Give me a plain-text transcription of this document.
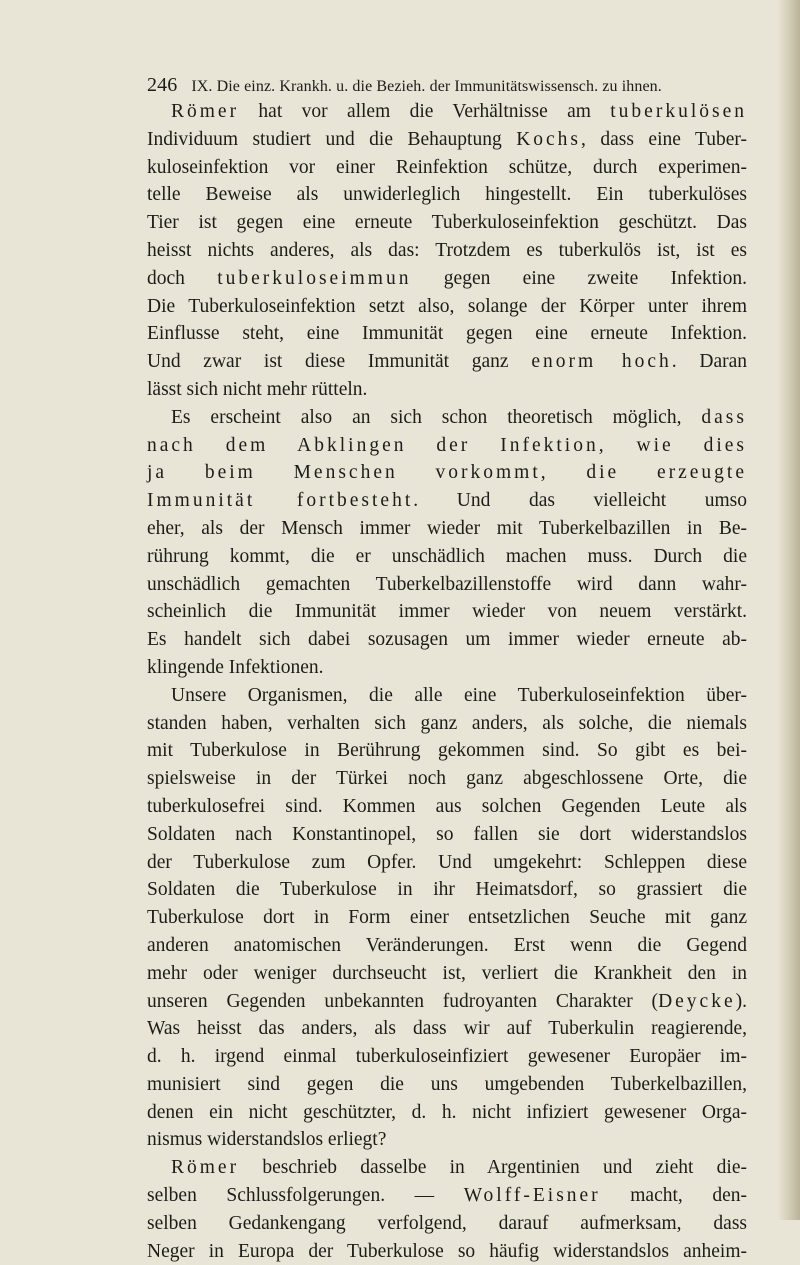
246 IX. Die einz. Krankh. u. die Bezieh. der Immunitätswissensch. zu ihnen.
Römer hat vor allem die Verhältnisse am tuberkulösen
Individuum studiert und die Behauptung Kochs, dass eine Tuber-
kuloseinfektion vor einer Reinfektion schütze, durch experimen-
telle Beweise als unwiderleglich hingestellt. Ein tuberkulöses
Tier ist gegen eine erneute Tuberkuloseinfektion geschützt. Das
heisst nichts anderes, als das: Trotzdem es tuberkulös ist, ist es
doch tuberkuloseimmun gegen eine zweite Infektion.
Die Tuberkuloseinfektion setzt also, solange der Körper unter ihrem
Einflusse steht, eine Immunität gegen eine erneute Infektion.
Und zwar ist diese Immunität ganz enorm hoch. Daran
lässt sich nicht mehr rütteln.
Es erscheint also an sich schon theoretisch möglich, dass
nach dem Abklingen der Infektion, wie dies
ja beim Menschen vorkommt, die erzeugte
Immunität fortbesteht. Und das vielleicht umso
eher, als der Mensch immer wieder mit Tuberkelbazillen in Be-
rührung kommt, die er unschädlich machen muss. Durch die
unschädlich gemachten Tuberkelbazillenstoffe wird dann wahr-
scheinlich die Immunität immer wieder von neuem verstärkt.
Es handelt sich dabei sozusagen um immer wieder erneute ab-
klingende Infektionen.
Unsere Organismen, die alle eine Tuberkuloseinfektion über-
standen haben, verhalten sich ganz anders, als solche, die niemals
mit Tuberkulose in Berührung gekommen sind. So gibt es bei-
spielsweise in der Türkei noch ganz abgeschlossene Orte, die
tuberkulosefrei sind. Kommen aus solchen Gegenden Leute als
Soldaten nach Konstantinopel, so fallen sie dort widerstandslos
der Tuberkulose zum Opfer. Und umgekehrt: Schleppen diese
Soldaten die Tuberkulose in ihr Heimatsdorf, so grassiert die
Tuberkulose dort in Form einer entsetzlichen Seuche mit ganz
anderen anatomischen Veränderungen. Erst wenn die Gegend
mehr oder weniger durchseucht ist, verliert die Krankheit den in
unseren Gegenden unbekannten fudroyanten Charakter (Deycke).
Was heisst das anders, als dass wir auf Tuberkulin reagierende,
d. h. irgend einmal tuberkuloseinfiziert gewesener Europäer im-
munisiert sind gegen die uns umgebenden Tuberkelbazillen,
denen ein nicht geschützter, d. h. nicht infiziert gewesener Orga-
nismus widerstandslos erliegt?
Römer beschrieb dasselbe in Argentinien und zieht die-
selben Schlussfolgerungen. — Wolff-Eisner macht, den-
selben Gedankengang verfolgend, darauf aufmerksam, dass
Neger in Europa der Tuberkulose so häufig widerstandslos anheim-
